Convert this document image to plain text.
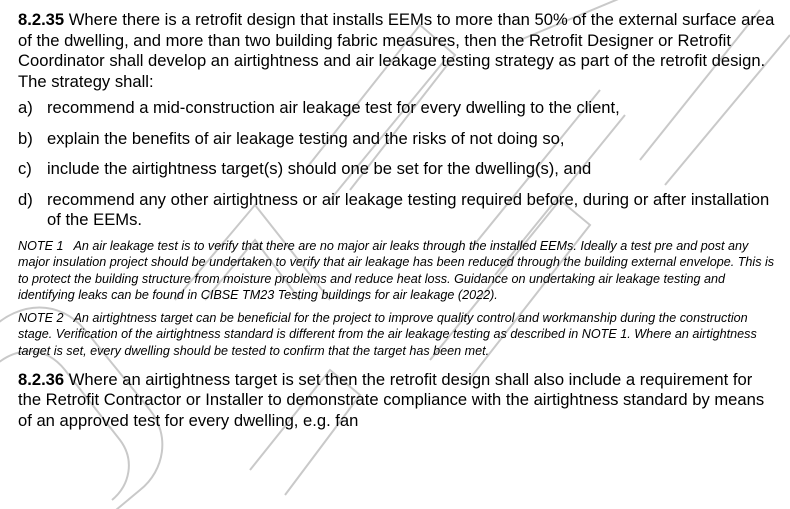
8.2.35 Where there is a retrofit design that installs EEMs to more than 50% of the external surface area of the dwelling, and more than two building fabric measures, then the Retrofit Designer or Retrofit Coordinator shall develop an airtightness and air leakage testing strategy as part of the retrofit design. The strategy shall:

a) recommend a mid-construction air leakage test for every dwelling to the client,
b) explain the benefits of air leakage testing and the risks of not doing so,
c) include the airtightness target(s) should one be set for the dwelling(s), and
d) recommend any other airtightness or air leakage testing required before, during or after installation of the EEMs.

NOTE 1   An air leakage test is to verify that there are no major air leaks through the installed EEMs. Ideally a test pre and post any major insulation project should be undertaken to verify that air leakage has been reduced through the building external envelope. This is to protect the building structure from moisture problems and reduce heat loss. Guidance on undertaking air leakage testing and identifying leaks can be found in CIBSE TM23 Testing buildings for air leakage (2022).

NOTE 2   An airtightness target can be beneficial for the project to improve quality control and workmanship during the construction stage. Verification of the airtightness standard is different from the air leakage testing as described in NOTE 1. Where an airtightness target is set, every dwelling should be tested to confirm that the target has been met.

8.2.36 Where an airtightness target is set then the retrofit design shall also include a requirement for the Retrofit Contractor or Installer to demonstrate compliance with the airtightness standard by means of an approved test for every dwelling, e.g. fan
